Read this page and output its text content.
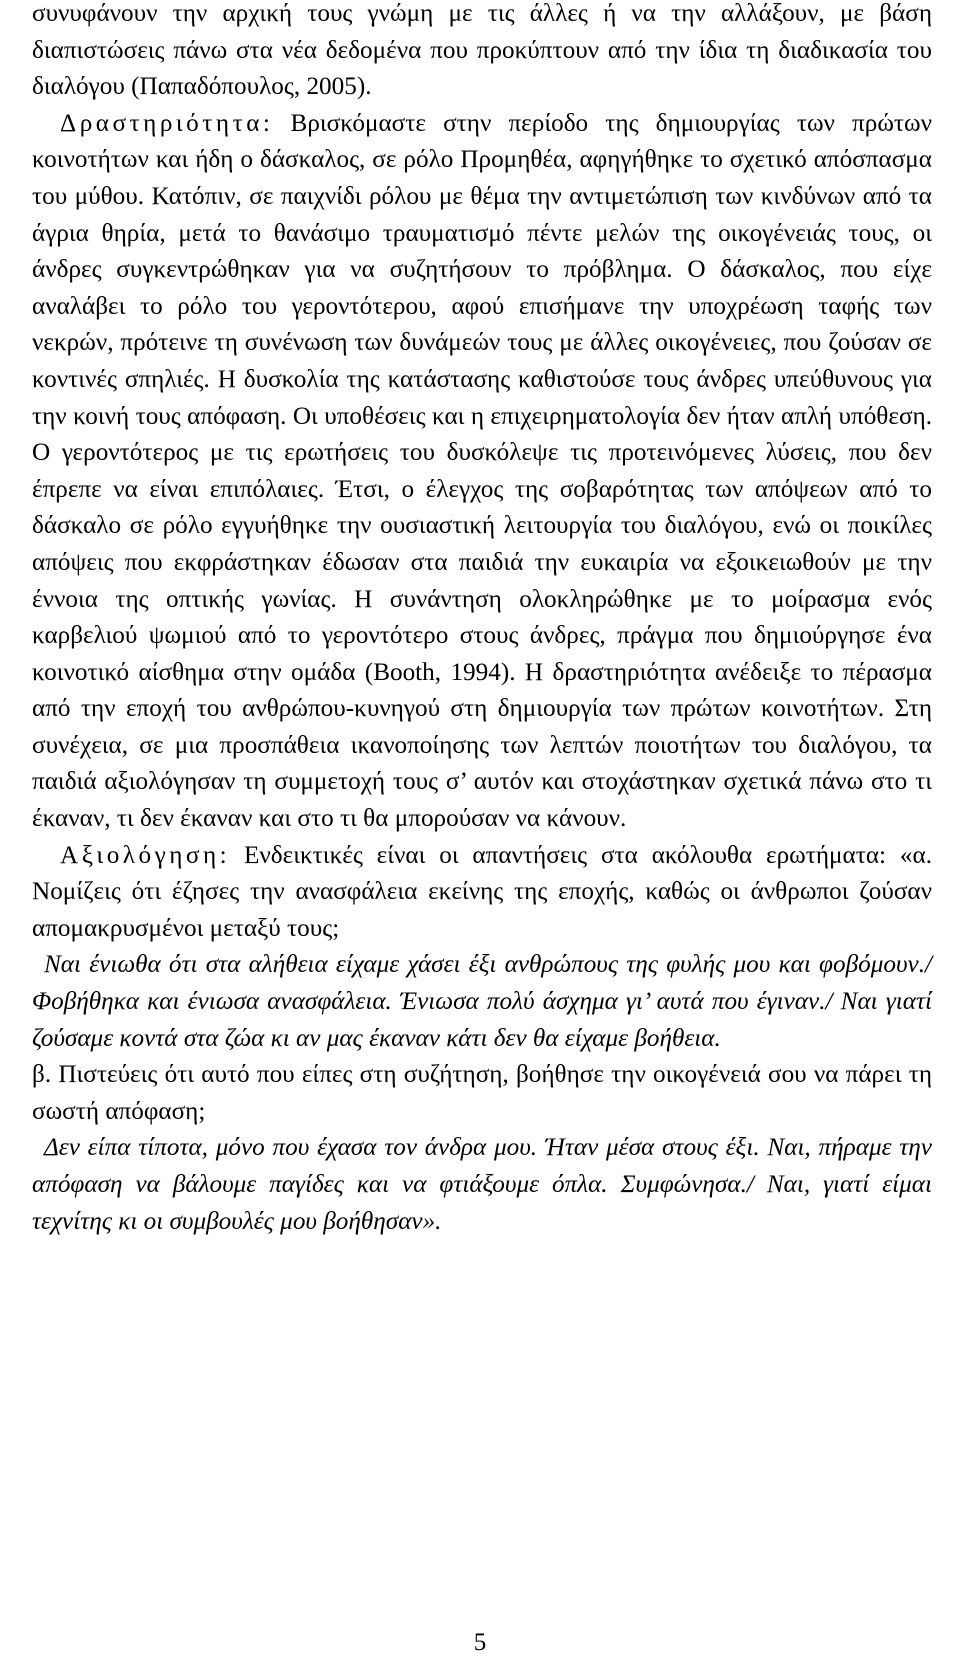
συνυφάνουν την αρχική τους γνώμη με τις άλλες ή να την αλλάξουν, με βάση διαπιστώσεις πάνω στα νέα δεδομένα που προκύπτουν από την ίδια τη διαδικασία του διαλόγου (Παπαδόπουλος, 2005).

Δραστηριότητα: Βρισκόμαστε στην περίοδο της δημιουργίας των πρώτων κοινοτήτων και ήδη ο δάσκαλος, σε ρόλο Προμηθέα, αφηγήθηκε το σχετικό απόσπασμα του μύθου. Κατόπιν, σε παιχνίδι ρόλου με θέμα την αντιμετώπιση των κινδύνων από τα άγρια θηρία, μετά το θανάσιμο τραυματισμό πέντε μελών της οικογένειάς τους, οι άνδρες συγκεντρώθηκαν για να συζητήσουν το πρόβλημα. Ο δάσκαλος, που είχε αναλάβει το ρόλο του γεροντότερου, αφού επισήμανε την υποχρέωση ταφής των νεκρών, πρότεινε τη συνένωση των δυνάμεών τους με άλλες οικογένειες, που ζούσαν σε κοντινές σπηλιές. Η δυσκολία της κατάστασης καθιστούσε τους άνδρες υπεύθυνους για την κοινή τους απόφαση. Οι υποθέσεις και η επιχειρηματολογία δεν ήταν απλή υπόθεση. Ο γεροντότερος με τις ερωτήσεις του δυσκόλεψε τις προτεινόμενες λύσεις, που δεν έπρεπε να είναι επιπόλαιες. Έτσι, ο έλεγχος της σοβαρότητας των απόψεων από το δάσκαλο σε ρόλο εγγυήθηκε την ουσιαστική λειτουργία του διαλόγου, ενώ οι ποικίλες απόψεις που εκφράστηκαν έδωσαν στα παιδιά την ευκαιρία να εξοικειωθούν με την έννοια της οπτικής γωνίας. Η συνάντηση ολοκληρώθηκε με το μοίρασμα ενός καρβελιού ψωμιού από το γεροντότερο στους άνδρες, πράγμα που δημιούργησε ένα κοινοτικό αίσθημα στην ομάδα (Booth, 1994). Η δραστηριότητα ανέδειξε το πέρασμα από την εποχή του ανθρώπου-κυνηγού στη δημιουργία των πρώτων κοινοτήτων. Στη συνέχεια, σε μια προσπάθεια ικανοποίησης των λεπτών ποιοτήτων του διαλόγου, τα παιδιά αξιολόγησαν τη συμμετοχή τους σ’ αυτόν και στοχάστηκαν σχετικά πάνω στο τι έκαναν, τι δεν έκαναν και στο τι θα μπορούσαν να κάνουν.

Αξιολόγηση: Ενδεικτικές είναι οι απαντήσεις στα ακόλουθα ερωτήματα: «α. Νομίζεις ότι έζησες την ανασφάλεια εκείνης της εποχής, καθώς οι άνθρωποι ζούσαν απομακρυσμένοι μεταξύ τους;

Ναι ένιωθα ότι στα αλήθεια είχαμε χάσει έξι ανθρώπους της φυλής μου και φοβόμουν./ Φοβήθηκα και ένιωσα ανασφάλεια. Ένιωσα πολύ άσχημα γι’ αυτά που έγιναν./ Ναι γιατί ζούσαμε κοντά στα ζώα κι αν μας έκαναν κάτι δεν θα είχαμε βοήθεια.

β. Πιστεύεις ότι αυτό που είπες στη συζήτηση, βοήθησε την οικογένειά σου να πάρει τη σωστή απόφαση;

Δεν είπα τίποτα, μόνο που έχασα τον άνδρα μου. Ήταν μέσα στους έξι. Ναι, πήραμε την απόφαση να βάλουμε παγίδες και να φτιάξουμε όπλα. Συμφώνησα./ Ναι, γιατί είμαι τεχνίτης κι οι συμβουλές μου βοήθησαν».

5
